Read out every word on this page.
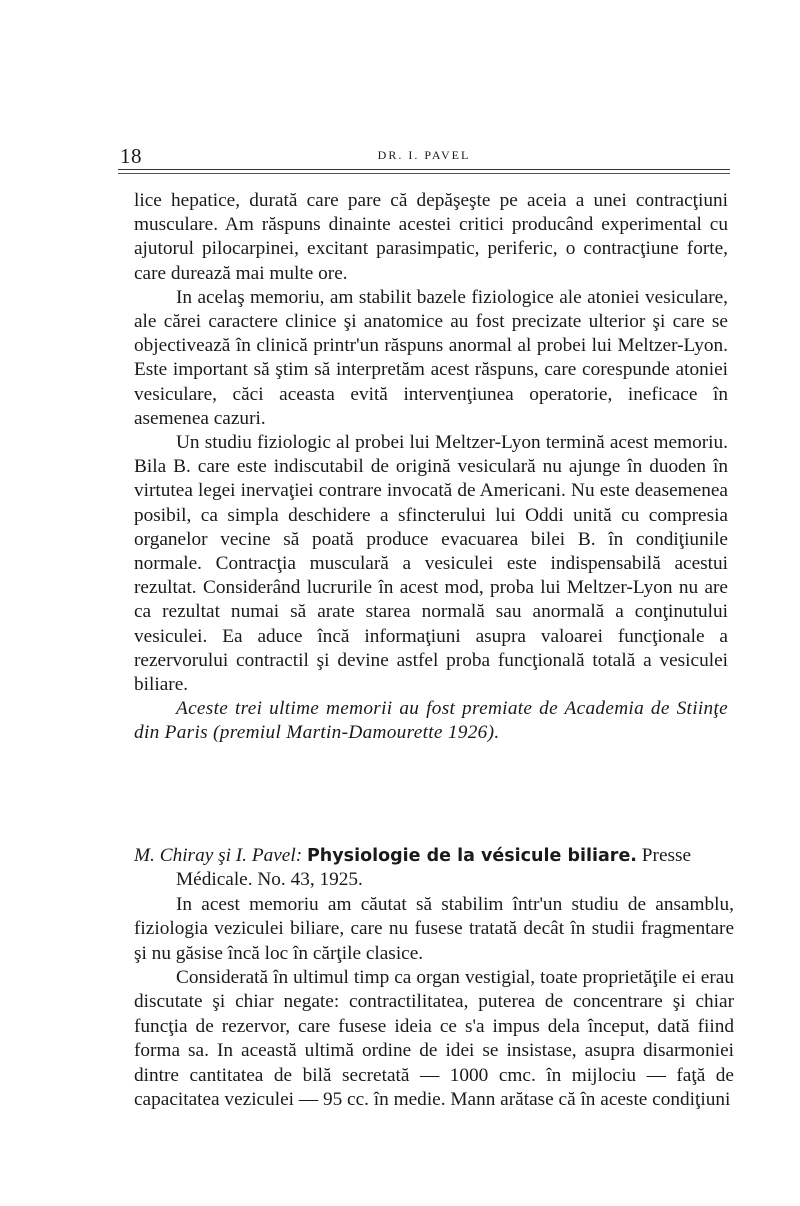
18	DR. I. PAVEL

lice hepatice, durată care pare că depăşeşte pe aceia a unei contracţiuni musculare. Am răspuns dinainte acestei critici producând experimental cu ajutorul pilocarpinei, excitant parasimpatic, periferic, o contracţiune forte, care durează mai multe ore.

In acelaş memoriu, am stabilit bazele fiziologice ale atoniei vesiculare, ale cărei caractere clinice şi anatomice au fost precizate ulterior şi care se objectivează în clinică printr'un răspuns anormal al probei lui Meltzer-Lyon. Este important să ştim să interpretăm acest răspuns, care corespunde atoniei vesiculare, căci aceasta evită intervenţiunea operatorie, ineficace în asemenea cazuri.

Un studiu fiziologic al probei lui Meltzer-Lyon termină acest memoriu. Bila B. care este indiscutabil de origină vesiculară nu ajunge în duoden în virtutea legei inervaţiei contrare invocată de Americani. Nu este deasemenea posibil, ca simpla deschidere a sfincterului lui Oddi unită cu compresia organelor vecine să poată produce evacuarea bilei B. în condiţiunile normale. Contracţia musculară a vesiculei este indispensabilă acestui rezultat. Considerând lucrurile în acest mod, proba lui Meltzer-Lyon nu are ca rezultat numai să arate starea normală sau anormală a conţinutului vesiculei. Ea aduce încă informaţiuni asupra valoarei funcţionale a rezervorului contractil şi devine astfel proba funcţională totală a vesiculei biliare.

Aceste trei ultime memorii au fost premiate de Academia de Stiinţe din Paris (premiul Martin-Damourette 1926).

M. Chiray şi I. Pavel: Physiologie de la vésicule biliare. Presse

Médicale. No. 43, 1925.

In acest memoriu am căutat să stabilim într'un studiu de ansamblu, fiziologia veziculei biliare, care nu fusese tratată decât în studii fragmentare şi nu găsise încă loc în cărţile clasice.

Considerată în ultimul timp ca organ vestigial, toate proprietăţile ei erau discutate şi chiar negate: contractilitatea, puterea de concentrare şi chiar funcţia de rezervor, care fusese ideia ce s'a impus dela început, dată fiind forma sa. In această ultimă ordine de idei se insistase, asupra disarmoniei dintre cantitatea de bilă secretată — 1000 cmc. în mijlociu — faţă de capacitatea veziculei — 95 cc. în medie. Mann arătase că în aceste condiţiuni
